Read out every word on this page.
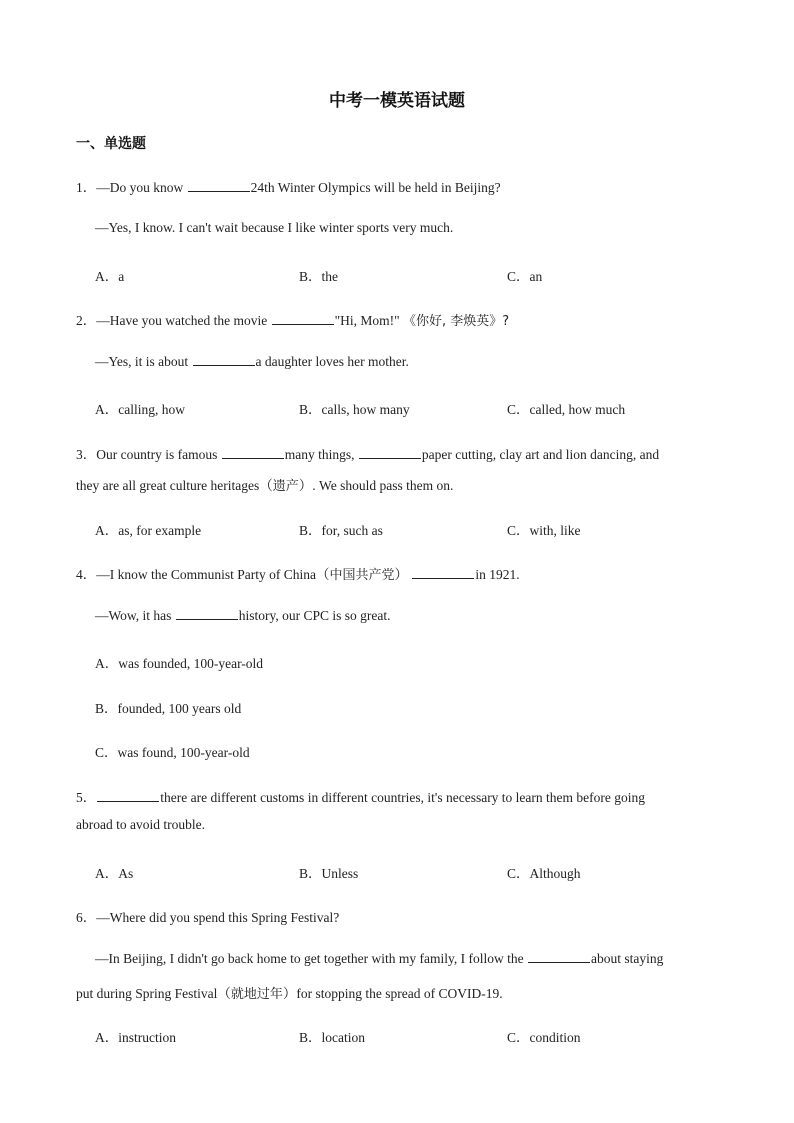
中考一模英语试题
一、单选题
1．—Do you know	24th Winter Olympics will be held in Beijing?
—Yes, I know. I can't wait because I like winter sports very much.
A．a	B．the	C．an
2．—Have you watched the movie	"Hi, Mom!" 《你好, 李焕英》?
—Yes, it is about	a daughter loves her mother.
A．calling, how	B．calls, how many	C．called, how much
3．Our country is famous	many things,	paper cutting, clay art and lion dancing, and
they are all great culture heritages（遗产）. We should pass them on.
A．as, for example	B．for, such as	C．with, like
4．—I know the Communist Party of China（中国共产党）	in 1921.
—Wow, it has	history, our CPC is so great.
A．was founded, 100-year-old
B．founded, 100 years old
C．was found, 100-year-old
5．	there are different customs in different countries, it's necessary to learn them before going
abroad to avoid trouble.
A．As	B．Unless	C．Although
6．—Where did you spend this Spring Festival?
—In Beijing, I didn't go back home to get together with my family, I follow the	about staying
put during Spring Festival（就地过年）for stopping the spread of COVID-19.
A．instruction	B．location	C．condition
